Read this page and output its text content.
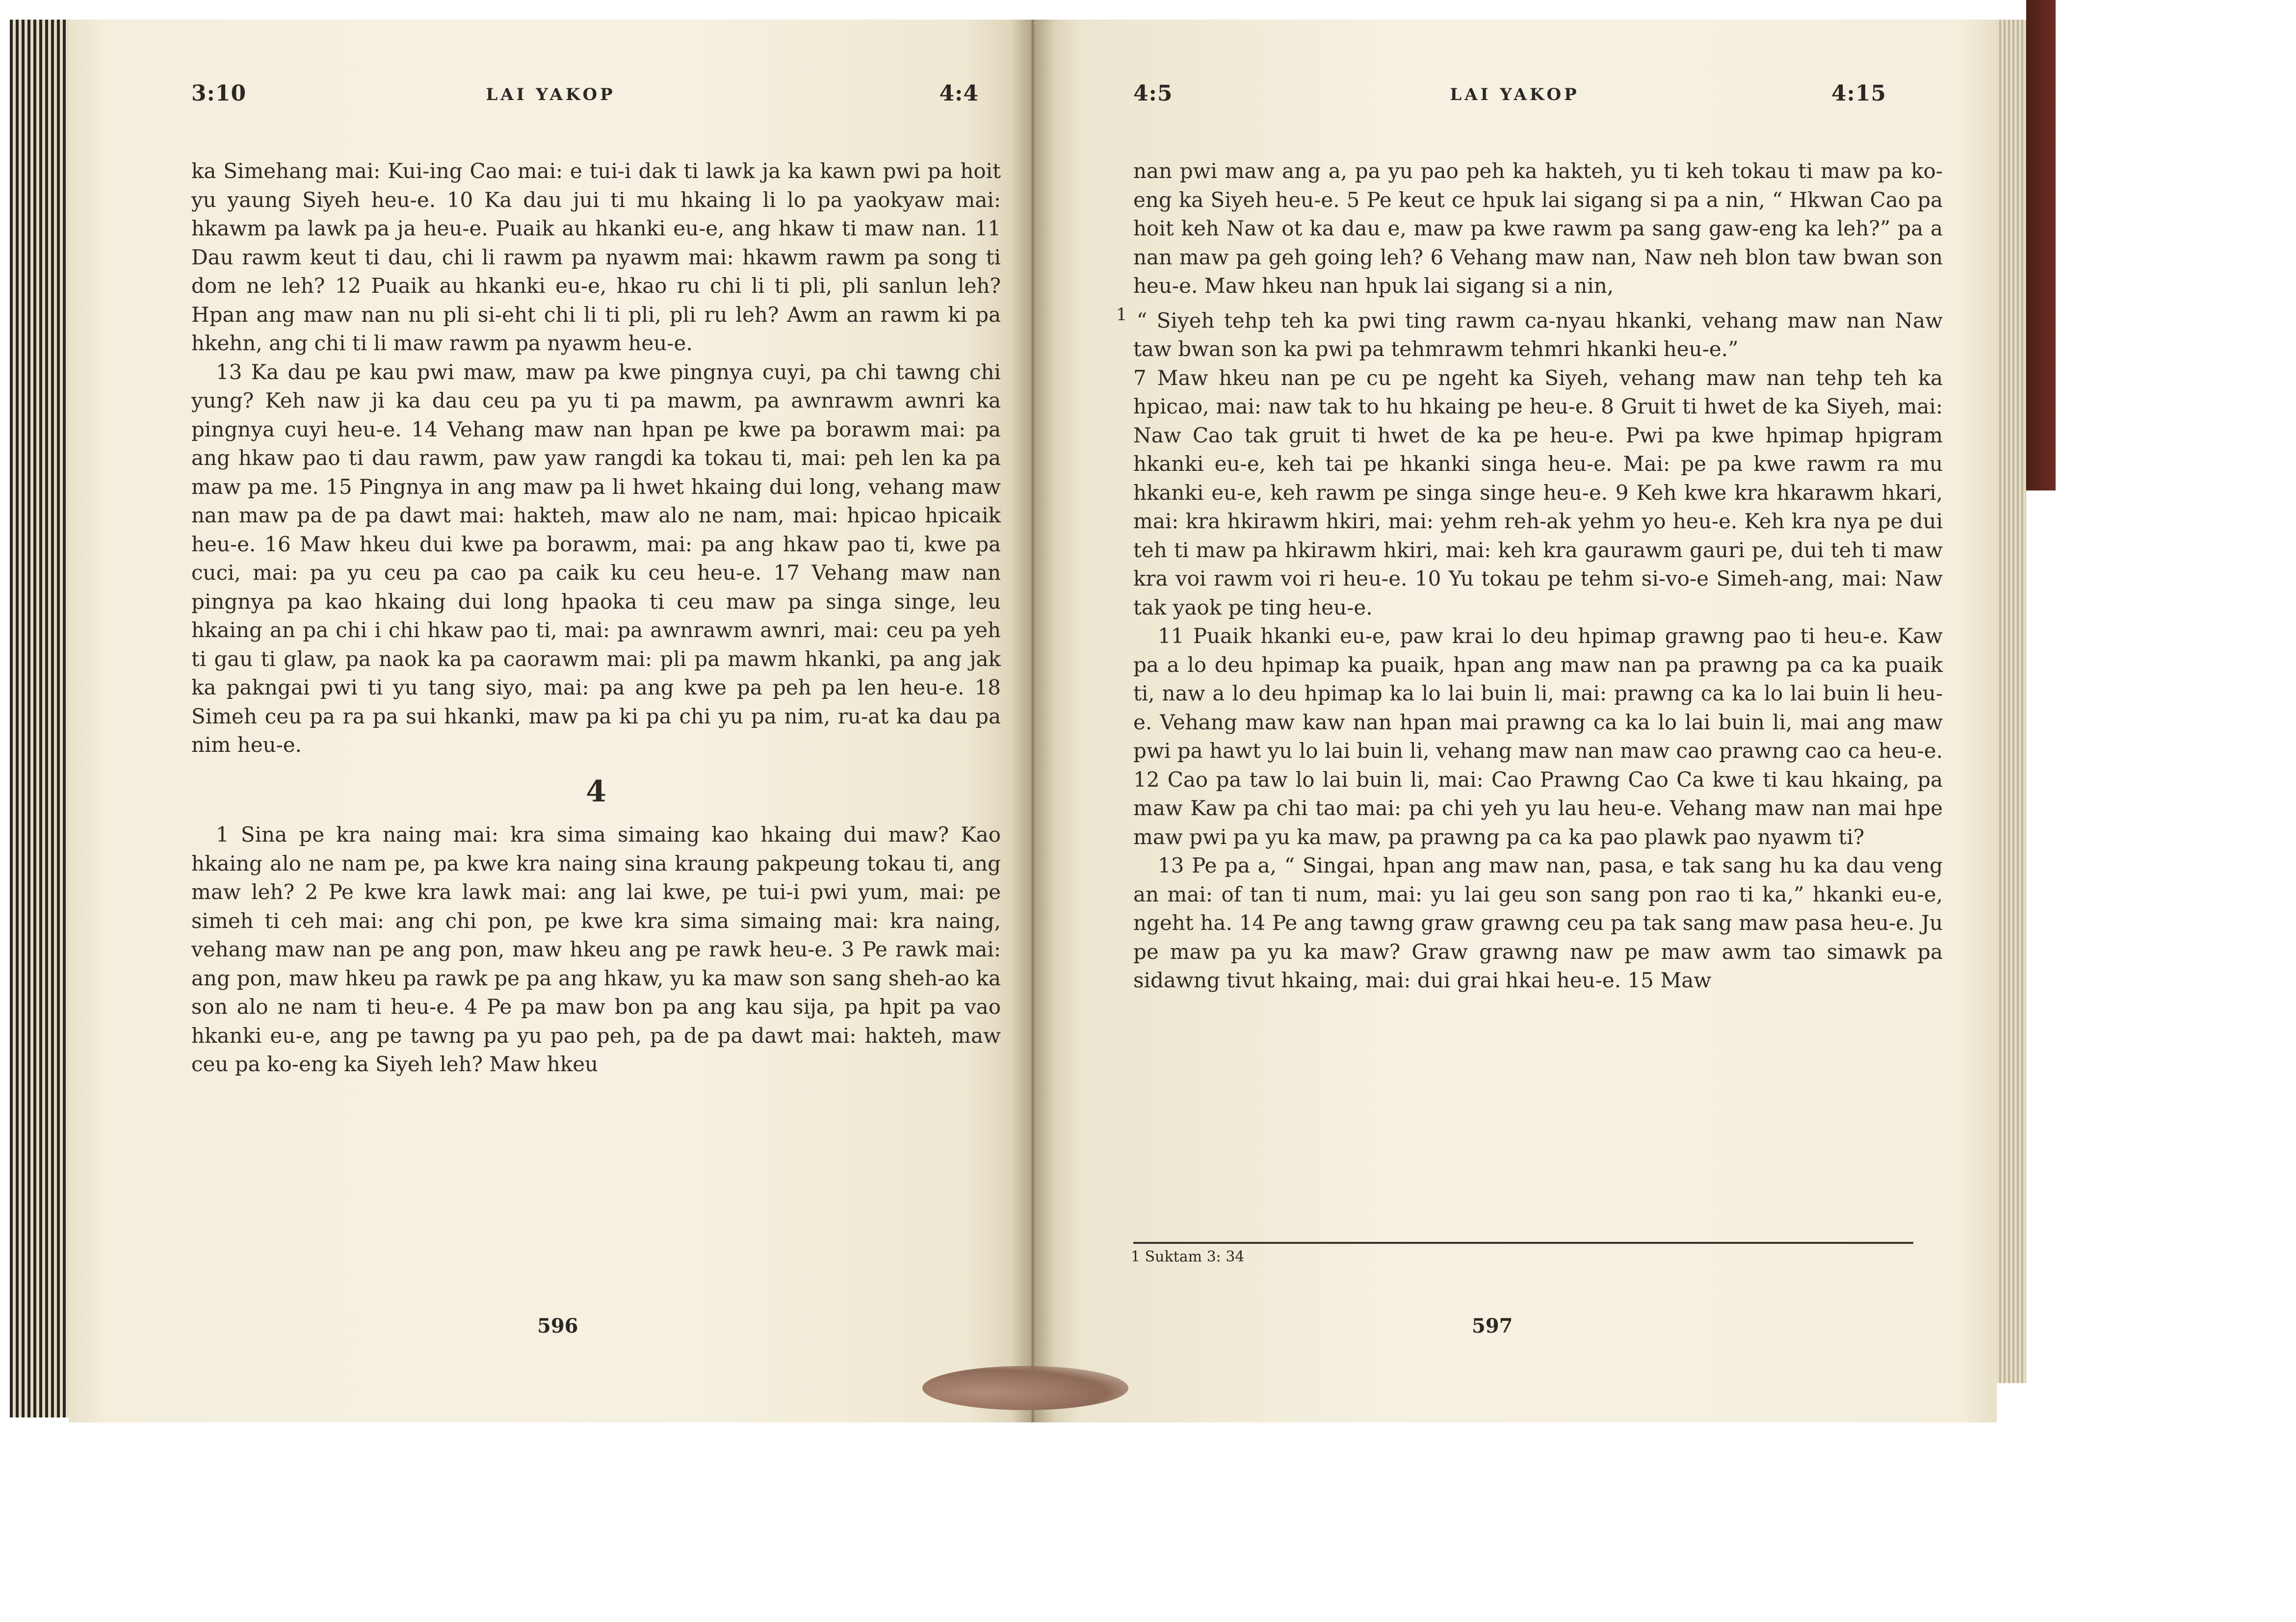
3:10	LAI YAKOP	4:4

ka Simehang mai: Kui-ing Cao mai: e tui-i dak ti lawk ja ka kawn pwi pa hoit yu yaung Siyeh heu-e. 10 Ka dau jui ti mu hkaing li lo pa yaokyaw mai: hkawm pa lawk pa ja heu-e. Puaik au hkanki eu-e, ang hkaw ti maw nan. 11 Dau rawm keut ti dau, chi li rawm pa nyawm mai: hkawm rawm pa song ti dom ne leh? 12 Puaik au hkanki eu-e, hkao ru chi li ti pli, pli sanlun leh? Hpan ang maw nan nu pli si-eht chi li ti pli, pli ru leh? Awm an rawm ki pa hkehn, ang chi ti li maw rawm pa nyawm heu-e.

13 Ka dau pe kau pwi maw, maw pa kwe pingnya cuyi, pa chi tawng chi yung? Keh naw ji ka dau ceu pa yu ti pa mawm, pa awnrawm awnri ka pingnya cuyi heu-e. 14 Vehang maw nan hpan pe kwe pa borawm mai: pa ang hkaw pao ti dau rawm, paw yaw rangdi ka tokau ti, mai: peh len ka pa maw pa me. 15 Pingnya in ang maw pa li hwet hkaing dui long, vehang maw nan maw pa de pa dawt mai: hakteh, maw alo ne nam, mai: hpicao hpicaik heu-e. 16 Maw hkeu dui kwe pa borawm, mai: pa ang hkaw pao ti, kwe pa cuci, mai: pa yu ceu pa cao pa caik ku ceu heu-e. 17 Vehang maw nan pingnya pa kao hkaing dui long hpaoka ti ceu maw pa singa singe, leu hkaing an pa chi i chi hkaw pao ti, mai: pa awnrawm awnri, mai: ceu pa yeh ti gau ti glaw, pa naok ka pa caorawm mai: pli pa mawm hkanki, pa ang jak ka pakngai pwi ti yu tang siyo, mai: pa ang kwe pa peh pa len heu-e. 18 Simeh ceu pa ra pa sui hkanki, maw pa ki pa chi yu pa nim, ru-at ka dau pa nim heu-e.

4

1 Sina pe kra naing mai: kra sima simaing kao hkaing dui maw? Kao hkaing alo ne nam pe, pa kwe kra naing sina kraung pakpeung tokau ti, ang maw leh? 2 Pe kwe kra lawk mai: ang lai kwe, pe tui-i pwi yum, mai: pe simeh ti ceh mai: ang chi pon, pe kwe kra sima simaing mai: kra naing, vehang maw nan pe ang pon, maw hkeu ang pe rawk heu-e. 3 Pe rawk mai: ang pon, maw hkeu pa rawk pe pa ang hkaw, yu ka maw son sang sheh-ao ka son alo ne nam ti heu-e. 4 Pe pa maw bon pa ang kau sija, pa hpit pa vao hkanki eu-e, ang pe tawng pa yu pao peh, pa de pa dawt mai: hakteh, maw ceu pa ko-eng ka Siyeh leh? Maw hkeu

596
4:5	LAI YAKOP	4:15

nan pwi maw ang a, pa yu pao peh ka hakteh, yu ti keh tokau ti maw pa ko-eng ka Siyeh heu-e. 5 Pe keut ce hpuk lai sigang si pa a nin, “ Hkwan Cao pa hoit keh Naw ot ka dau e, maw pa kwe rawm pa sang gaw-eng ka leh?” pa a nan maw pa geh going leh? 6 Vehang maw nan, Naw neh blon taw bwan son heu-e. Maw hkeu nan hpuk lai sigang si a nin,

$^1$ “ Siyeh tehp teh ka pwi ting rawm ca-nyau hkanki, vehang maw nan Naw taw bwan son ka pwi pa tehmrawm tehmri hkanki heu-e.”

7 Maw hkeu nan pe cu pe ngeht ka Siyeh, vehang maw nan tehp teh ka hpicao, mai: naw tak to hu hkaing pe heu-e. 8 Gruit ti hwet de ka Siyeh, mai: Naw Cao tak gruit ti hwet de ka pe heu-e. Pwi pa kwe hpimap hpigram hkanki eu-e, keh tai pe hkanki singa heu-e. Mai: pe pa kwe rawm ra mu hkanki eu-e, keh rawm pe singa singe heu-e. 9 Keh kwe kra hkarawm hkari, mai: kra hkirawm hkiri, mai: yehm reh-ak yehm yo heu-e. Keh kra nya pe dui teh ti maw pa hkirawm hkiri, mai: keh kra gaurawm gauri pe, dui teh ti maw kra voi rawm voi ri heu-e. 10 Yu tokau pe tehm si-vo-e Simeh-ang, mai: Naw tak yaok pe ting heu-e.

11 Puaik hkanki eu-e, paw krai lo deu hpimap grawng pao ti heu-e. Kaw pa a lo deu hpimap ka puaik, hpan ang maw nan pa prawng pa ca ka puaik ti, naw a lo deu hpimap ka lo lai buin li, mai: prawng ca ka lo lai buin li heu-e. Vehang maw kaw nan hpan mai prawng ca ka lo lai buin li, mai ang maw pwi pa hawt yu lo lai buin li, vehang maw nan maw cao prawng cao ca heu-e. 12 Cao pa taw lo lai buin li, mai: Cao Prawng Cao Ca kwe ti kau hkaing, pa maw Kaw pa chi tao mai: pa chi yeh yu lau heu-e. Vehang maw nan mai hpe maw pwi pa yu ka maw, pa prawng pa ca ka pao plawk pao nyawm ti?

13 Pe pa a, “ Singai, hpan ang maw nan, pasa, e tak sang hu ka dau veng an mai: of tan ti num, mai: yu lai geu son sang pon rao ti ka,” hkanki eu-e, ngeht ha. 14 Pe ang tawng graw grawng ceu pa tak sang maw pasa heu-e. Ju pe maw pa yu ka maw? Graw grawng naw pe maw awm tao simawk pa sidawng tivut hkaing, mai: dui grai hkai heu-e. 15 Maw

1 Suktam 3: 34
597
